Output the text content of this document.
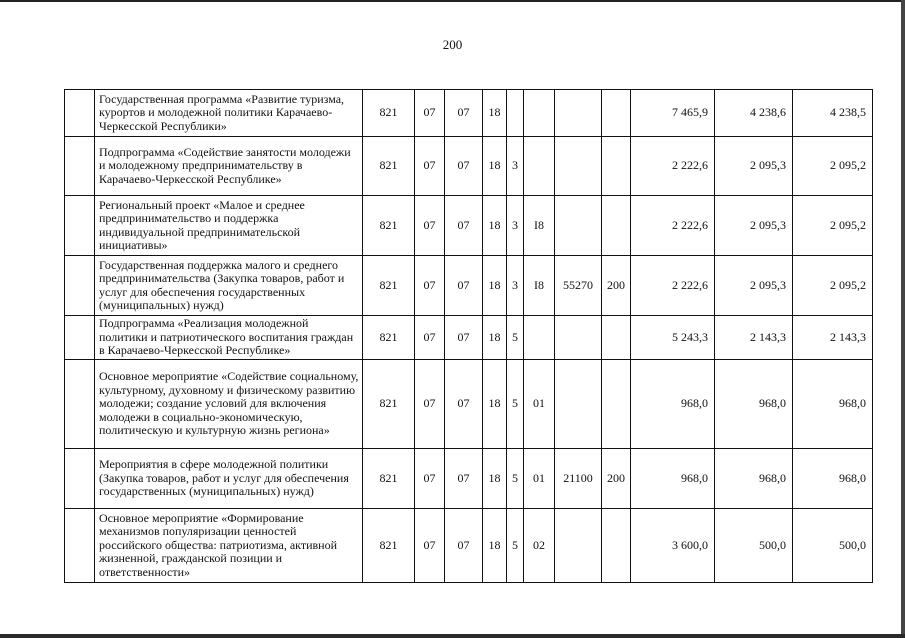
200
	Государственная программа «Развитие туризма, курортов и молодежной политики Карачаево-Черкесской Республики»	821	07	07	18					7 465,9	4 238,6	4 238,5
	Подпрограмма «Содействие занятости молодежи и молодежному предпринимательству в Карачаево-Черкесской Республике»	821	07	07	18	3				2 222,6	2 095,3	2 095,2
	Региональный проект «Малое и среднее предпринимательство и поддержка индивидуальной предпринимательской инициативы»	821	07	07	18	3	I8			2 222,6	2 095,3	2 095,2
	Государственная поддержка малого и среднего предпринимательства (Закупка товаров, работ и услуг для обеспечения государственных (муниципальных) нужд)	821	07	07	18	3	I8	55270	200	2 222,6	2 095,3	2 095,2
	Подпрограмма «Реализация молодежной политики и патриотического воспитания граждан в Карачаево-Черкесской Республике»	821	07	07	18	5				5 243,3	2 143,3	2 143,3
	Основное мероприятие «Содействие социальному, культурному, духовному и физическому развитию молодежи; создание условий для включения молодежи в социально-экономическую, политическую и культурную жизнь региона»	821	07	07	18	5	01			968,0	968,0	968,0
	Мероприятия в сфере молодежной политики (Закупка товаров, работ и услуг для обеспечения государственных (муниципальных) нужд)	821	07	07	18	5	01	21100	200	968,0	968,0	968,0
	Основное мероприятие «Формирование механизмов популяризации ценностей российского общества: патриотизма, активной жизненной, гражданской позиции и ответственности»	821	07	07	18	5	02			3 600,0	500,0	500,0
